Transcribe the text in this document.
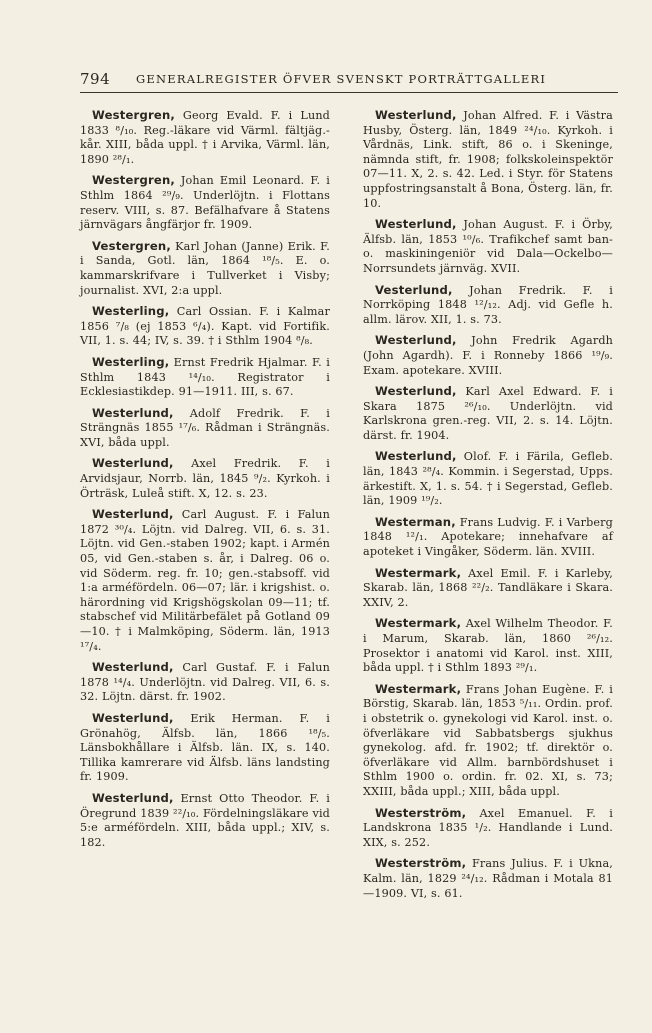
794 GENERALREGISTER ÖFVER SVENSKT PORTRÄTTGALLERI

Westergren, Georg Evald. F. i Lund 1833 ⁸/₁₀. Reg.-läkare vid Värml. fältjäg.-kår. XIII, båda uppl. † i Arvika, Värml. län, 1890 ²⁸/₁.

Westergren, Johan Emil Leonard. F. i Sthlm 1864 ²⁹/₉. Underlöjtn. i Flottans reserv. VIII, s. 87. Befälhafvare å Statens järnvägars ångfärjor fr. 1909.

Vestergren, Karl Johan (Janne) Erik. F. i Sanda, Gotl. län, 1864 ¹⁸/₅. E. o. kammarskrifvare i Tullverket i Visby; journalist. XVI, 2:a uppl.

Westerling, Carl Ossian. F. i Kalmar 1856 ⁷/₈ (ej 1853 ⁶/₄). Kapt. vid Fortifik. VII, 1. s. 44; IV, s. 39. † i Sthlm 1904 ⁸/₈.

Westerling, Ernst Fredrik Hjalmar. F. i Sthlm 1843 ¹⁴/₁₀. Registrator i Ecklesiastikdep. 91—1911. III, s. 67.

Westerlund, Adolf Fredrik. F. i Strängnäs 1855 ¹⁷/₆. Rådman i Strängnäs. XVI, båda uppl.

Westerlund, Axel Fredrik. F. i Arvidsjaur, Norrb. län, 1845 ⁹/₂. Kyrkoh. i Örträsk, Luleå stift. X, 12. s. 23.

Westerlund, Carl August. F. i Falun 1872 ³⁰/₄. Löjtn. vid Dalreg. VII, 6. s. 31. Löjtn. vid Gen.-staben 1902; kapt. i Armén 05, vid Gen.-staben s. år, i Dalreg. 06 o. vid Söderm. reg. fr. 10; gen.-stabsoff. vid 1:a arméfördeln. 06—07; lär. i krigshist. o. härordning vid Krigshögskolan 09—11; tf. stabschef vid Militärbefälet på Gotland 09—10. † i Malmköping, Söderm. län, 1913 ¹⁷/₄.

Westerlund, Carl Gustaf. F. i Falun 1878 ¹⁴/₄. Underlöjtn. vid Dalreg. VII, 6. s. 32. Löjtn. därst. fr. 1902.

Westerlund, Erik Herman. F. i Grönahög, Älfsb. län, 1866 ¹⁸/₅. Länsbokhållare i Älfsb. län. IX, s. 140. Tillika kamrerare vid Älfsb. läns landsting fr. 1909.

Westerlund, Ernst Otto Theodor. F. i Öregrund 1839 ²²/₁₀. Fördelningsläkare vid 5:e arméfördeln. XIII, båda uppl.; XIV, s. 182.

Westerlund, Johan Alfred. F. i Västra Husby, Österg. län, 1849 ²⁴/₁₀. Kyrkoh. i Vårdnäs, Link. stift, 86 o. i Skeninge, nämnda stift, fr. 1908; folkskoleinspektör 07—11. X, 2. s. 42. Led. i Styr. för Statens uppfostringsanstalt å Bona, Österg. län, fr. 10.

Westerlund, Johan August. F. i Örby, Älfsb. län, 1853 ¹⁰/₆. Trafikchef samt ban- o. maskiningeniör vid Dala—Ockelbo—Norrsundets järnväg. XVII.

Vesterlund, Johan Fredrik. F. i Norrköping 1848 ¹²/₁₂. Adj. vid Gefle h. allm. lärov. XII, 1. s. 73.

Westerlund, John Fredrik Agardh (John Agardh). F. i Ronneby 1866 ¹⁹/₉. Exam. apotekare. XVIII.

Westerlund, Karl Axel Edward. F. i Skara 1875 ²⁶/₁₀. Underlöjtn. vid Karlskrona gren.-reg. VII, 2. s. 14. Löjtn. därst. fr. 1904.

Westerlund, Olof. F. i Färila, Gefleb. län, 1843 ²⁸/₄. Kommin. i Segerstad, Upps. ärkestift. X, 1. s. 54. † i Segerstad, Gefleb. län, 1909 ¹⁹/₂.

Westerman, Frans Ludvig. F. i Varberg 1848 ¹²/₁. Apotekare; innehafvare af apoteket i Vingåker, Söderm. län. XVIII.

Westermark, Axel Emil. F. i Karleby, Skarab. län, 1868 ²²/₂. Tandläkare i Skara. XXIV, 2.

Westermark, Axel Wilhelm Theodor. F. i Marum, Skarab. län, 1860 ²⁶/₁₂. Prosektor i anatomi vid Karol. inst. XIII, båda uppl. † i Sthlm 1893 ²⁹/₁.

Westermark, Frans Johan Eugène. F. i Börstig, Skarab. län, 1853 ⁵/₁₁. Ordin. prof. i obstetrik o. gynekologi vid Karol. inst. o. öfverläkare vid Sabbatsbergs sjukhus gynekolog. afd. fr. 1902; tf. direktör o. öfverläkare vid Allm. barnbördshuset i Sthlm 1900 o. ordin. fr. 02. XI, s. 73; XXIII, båda uppl.; XIII, båda uppl.

Westerström, Axel Emanuel. F. i Landskrona 1835 ¹/₂. Handlande i Lund. XIX, s. 252.

Westerström, Frans Julius. F. i Ukna, Kalm. län, 1829 ²⁴/₁₂. Rådman i Motala 81—1909. VI, s. 61.
